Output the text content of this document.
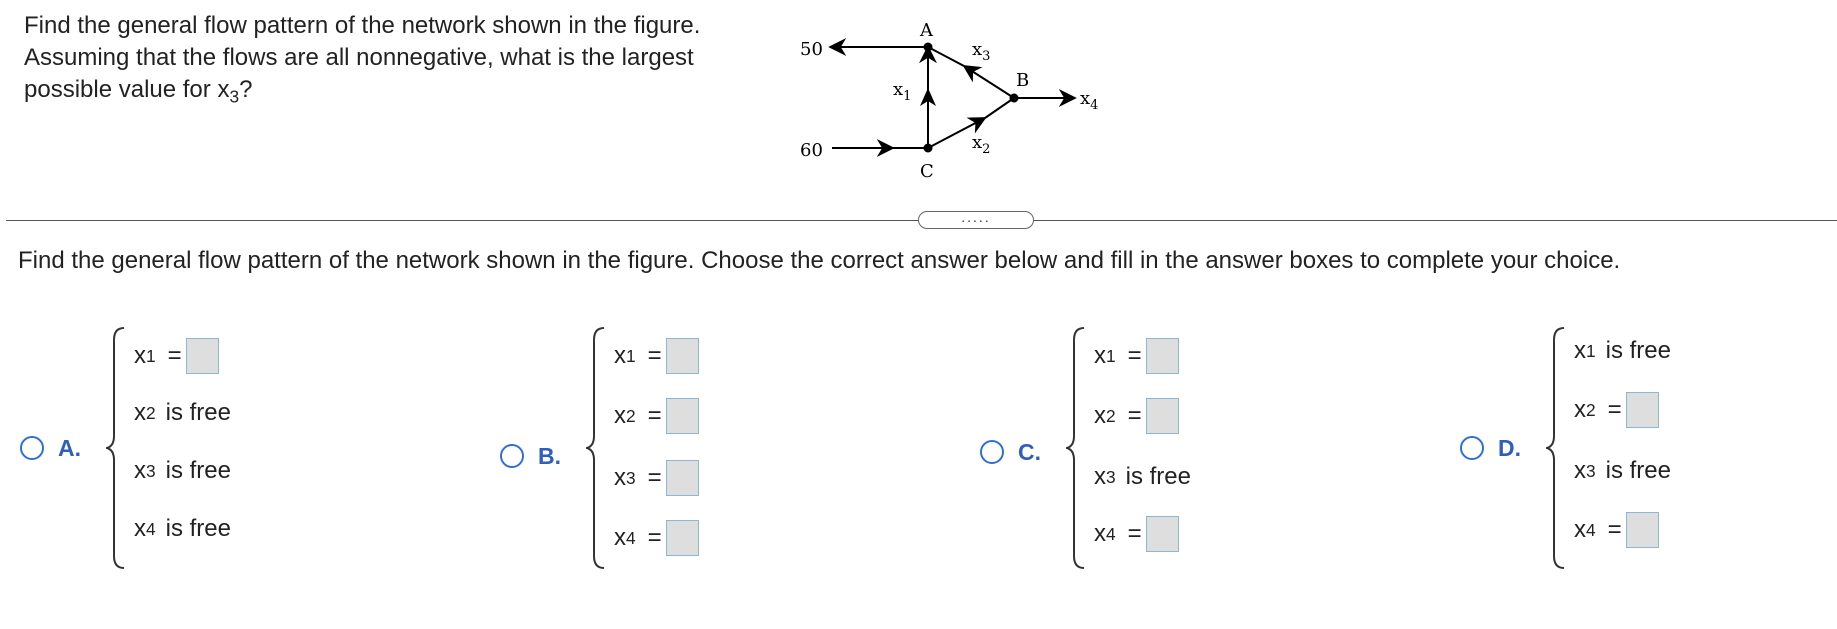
Find the general flow pattern of the network shown in the figure.
Assuming that the flows are all nonnegative, what is the largest
possible value for $x_3$?
A
B
C
50
60
$x_1$
$x_2$
$x_3$
$x_4$
.....
Find the general flow pattern of the network shown in the figure. Choose the correct answer below and fill in the answer boxes to complete your choice.
A.
x 1 =
x 2 is free
x 3 is free
x 4 is free
B.
x 1 =
x 2 =
x 3 =
x 4 =
C.
x 1 =
x 2 =
x 3 is free
x 4 =
D.
x 1 is free
x 2 =
x 3 is free
x 4 =
